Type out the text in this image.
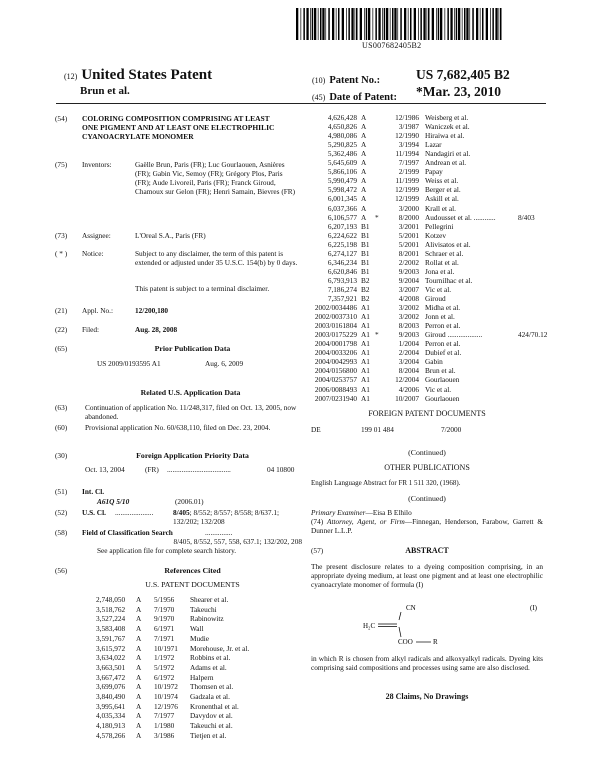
US007682405B2
(12) United States Patent
Brun et al.
(10) Patent No.:	US 7,682,405 B2
(45) Date of Patent: *Mar. 23, 2010
(54)	COLORING COMPOSITION COMPRISING AT LEAST ONE PIGMENT AND AT LEAST ONE ELECTROPHILIC CYANOACRYLATE MONOMER
(75)	Inventors:	Gaëlle Brun, Paris (FR); Luc Gourlaouen, Asnières (FR); Gabin Vic, Semoy (FR); Grégory Plos, Paris (FR); Aude Livoreil, Paris (FR); Franck Giroud, Chamoux sur Gelon (FR); Henri Samain, Bievres (FR)
(73)	Assignee:	L'Oreal S.A., Paris (FR)
( * )	Notice:	Subject to any disclaimer, the term of this patent is extended or adjusted under 35 U.S.C. 154(b) by 0 days.
This patent is subject to a terminal disclaimer.
(21)	Appl. No.:	12/200,180
(22)	Filed:	Aug. 28, 2008
(65)	Prior Publication Data
US 2009/0193595 A1	Aug. 6, 2009
Related U.S. Application Data
(63)	Continuation of application No. 11/248,317, filed on Oct. 13, 2005, now abandoned.
(60)	Provisional application No. 60/638,110, filed on Dec. 23, 2004.
(30)	Foreign Application Priority Data
Oct. 13, 2004	(FR) ...................................	04 10800
(51)	Int. Cl.
A61Q 5/10	(2006.01)
(52)	U.S. Cl.	.....................	8/405; 8/552; 8/557; 8/558; 8/637.1; 132/202; 132/208
(58)	Field of Classification Search	...............
8/405, 8/552, 557, 558, 637.1; 132/202, 208
See application file for complete search history.
(56)	References Cited
U.S. PATENT DOCUMENTS
2,748,050 A 5/1956 Shearer et al.
3,518,762 A 7/1970 Takeuchi
3,527,224 A 9/1970 Rabinowitz
3,583,408 A 6/1971 Wall
3,591,767 A 7/1971 Mudie
3,615,972 A 10/1971 Morehouse, Jr. et al.
3,634,022 A 1/1972 Robbins et al.
3,663,501 A 5/1972 Adams et al.
3,667,472 A 6/1972 Halpern
3,699,076 A 10/1972 Thomsen et al.
3,840,490 A 10/1974 Gadzala et al.
3,995,641 A 12/1976 Kronenthal et al.
4,035,334 A 7/1977 Davydov et al.
4,180,913 A 1/1980 Takeuchi et al.
4,578,266 A 3/1986 Tietjen et al.
4,626,428 A	12/1986 Weisberg et al.
4,650,826 A	3/1987 Waniczek et al.
4,980,086 A	12/1990 Hiraiwa et al.
5,290,825 A	3/1994 Lazar
5,362,486 A	11/1994 Nandagiri et al.
5,645,609 A	7/1997 Andrean et al.
5,866,106 A	2/1999 Papay
5,990,479 A	11/1999 Weiss et al.
5,998,472 A	12/1999 Berger et al.
6,001,345 A	12/1999 Askill et al.
6,037,366 A	3/2000 Krall et al.
6,106,577 A *	8/2000 Audousset et al. ............	8/403
6,207,193 B1	3/2001 Pellegrini
6,224,622 B1	5/2001 Kotzev
6,225,198 B1	5/2001 Alivisatos et al.
6,274,127 B1	8/2001 Schraer et al.
6,346,234 B1	2/2002 Rollat et al.
6,620,846 B1	9/2003 Jona et al.
6,793,913 B2	9/2004 Tournilhac et al.
7,186,274 B2	3/2007 Vic et al.
7,357,921 B2	4/2008 Giroud
2002/0034486 A1	3/2002 Midha et al.
2002/0037310 A1	3/2002 Jonn et al.
2003/0161804 A1	8/2003 Perron et al.
2003/0175229 A1 *	9/2003 Giroud ...................	424/70.12
2004/0001798 A1	1/2004 Perron et al.
2004/0033206 A1	2/2004 Dubief et al.
2004/0042993 A1	3/2004 Gabin
2004/0156800 A1	8/2004 Brun et al.
2004/0253757 A1	12/2004 Gourlaouen
2006/0088493 A1	4/2006 Vic et al.
2007/0231940 A1	10/2007 Gourlaouen
FOREIGN PATENT DOCUMENTS
DE	199 01 484	7/2000
(Continued)
OTHER PUBLICATIONS
English Language Abstract for FR 1 511 320, (1968).
(Continued)
Primary Examiner—Eisa B Elhilo
(74) Attorney, Agent, or Firm—Finnegan, Henderson, Farabow, Garrett & Dunner L.L.P.
(57)	ABSTRACT
The present disclosure relates to a dyeing composition comprising, in an appropriate dyeing medium, at least one pigment and at least one electrophilic cyanoacrylate monomer of formula (I)
(I)
CN
H₂C
COO	R
in which R is chosen from alkyl radicals and alkoxyalkyl radicals. Dyeing kits comprising said compositions and processes using same are also disclosed.
28 Claims, No Drawings
